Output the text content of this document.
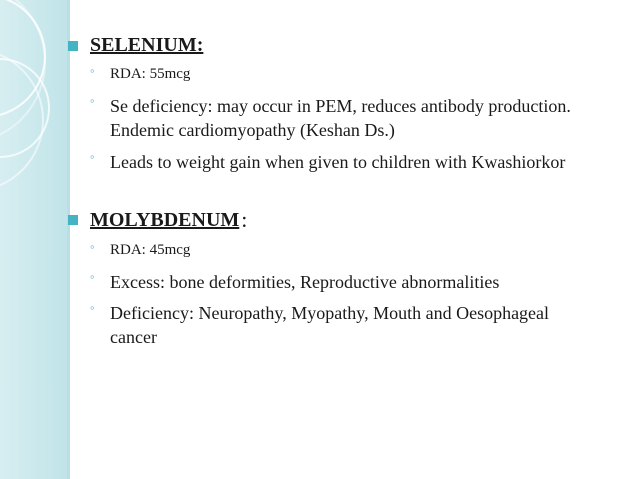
SELENIUM:
◦	RDA: 55mcg
◦ Se deficiency: may occur in PEM, reduces antibody production. Endemic cardiomyopathy (Keshan Ds.)
◦ Leads to weight gain when given to children with Kwashiorkor
MOLYBDENUM :
◦	RDA: 45mcg
◦ Excess: bone deformities, Reproductive abnormalities
◦ Deficiency: Neuropathy, Myopathy, Mouth and Oesophageal cancer
